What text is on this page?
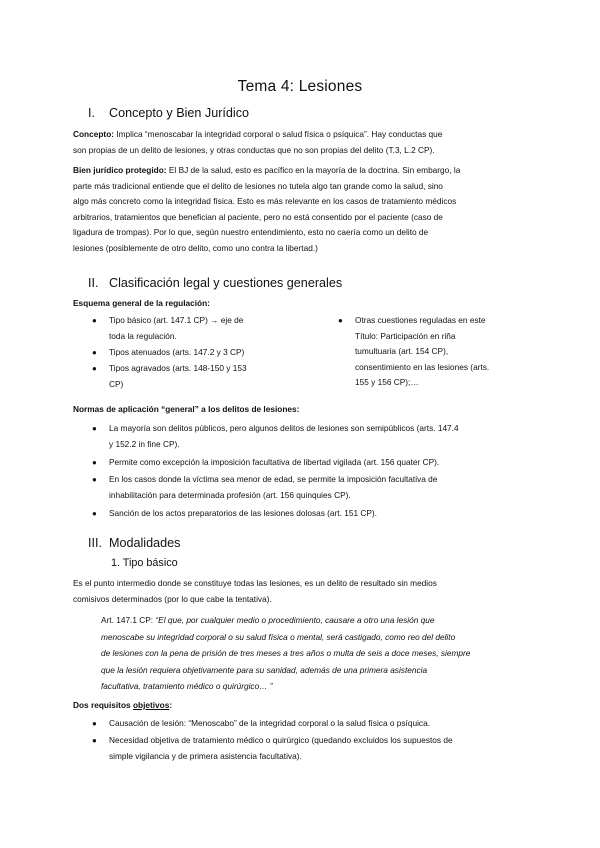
Tema 4: Lesiones
I. Concepto y Bien Jurídico
Concepto: Implica “menoscabar la integridad corporal o salud física o psíquica”. Hay conductas que
son propias de un delito de lesiones, y otras conductas que no son propias del delito (T.3, L.2 CP).
Bien jurídico protegido: El BJ de la salud, esto es pacífico en la mayoría de la doctrina. Sin embargo, la
parte más tradicional entiende que el delito de lesiones no tutela algo tan grande como la salud, sino
algo más concreto como la integridad física. Esto es más relevante en los casos de tratamiento médicos
arbitrarios, tratamientos que benefician al paciente, pero no está consentido por el paciente (caso de
ligadura de trompas). Por lo que, según nuestro entendimiento, esto no caería como un delito de
lesiones (posiblemente de otro delito, como uno contra la libertad.)
II. Clasificación legal y cuestiones generales
Esquema general de la regulación:
● Tipo básico (art. 147.1 CP) → eje de
toda la regulación.
● Tipos atenuados (arts. 147.2 y 3 CP)
● Tipos agravados (arts. 148-150 y 153
CP)
● Otras cuestiones reguladas en este
Título: Participación en riña
tumultuaria (art. 154 CP),
consentimiento en las lesiones (arts.
155 y 156 CP);…
Normas de aplicación “general” a los delitos de lesiones:
● La mayoría son delitos públicos, pero algunos delitos de lesiones son semipúblicos (arts. 147.4
y 152.2 in fine CP).
● Permite como excepción la imposición facultativa de libertad vigilada (art. 156 quater CP).
● En los casos donde la víctima sea menor de edad, se permite la imposición facultativa de
inhabilitación para determinada profesión (art. 156 quinquies CP).
● Sanción de los actos preparatorios de las lesiones dolosas (art. 151 CP).
III. Modalidades
1. Tipo básico
Es el punto intermedio donde se constituye todas las lesiones, es un delito de resultado sin medios
comisivos determinados (por lo que cabe la tentativa).
Art. 147.1 CP: “El que, por cualquier medio o procedimiento, causare a otro una lesión que
menoscabe su integridad corporal o su salud física o mental, será castigado, como reo del delito
de lesiones con la pena de prisión de tres meses a tres años o multa de seis a doce meses, siempre
que la lesión requiera objetivamente para su sanidad, además de una primera asistencia
facultativa, tratamiento médico o quirúrgico… ”
Dos requisitos objetivos:
● Causación de lesión: “Menoscabo” de la integridad corporal o la salud física o psíquica.
● Necesidad objetiva de tratamiento médico o quirúrgico (quedando excluidos los supuestos de
simple vigilancia y de primera asistencia facultativa).
